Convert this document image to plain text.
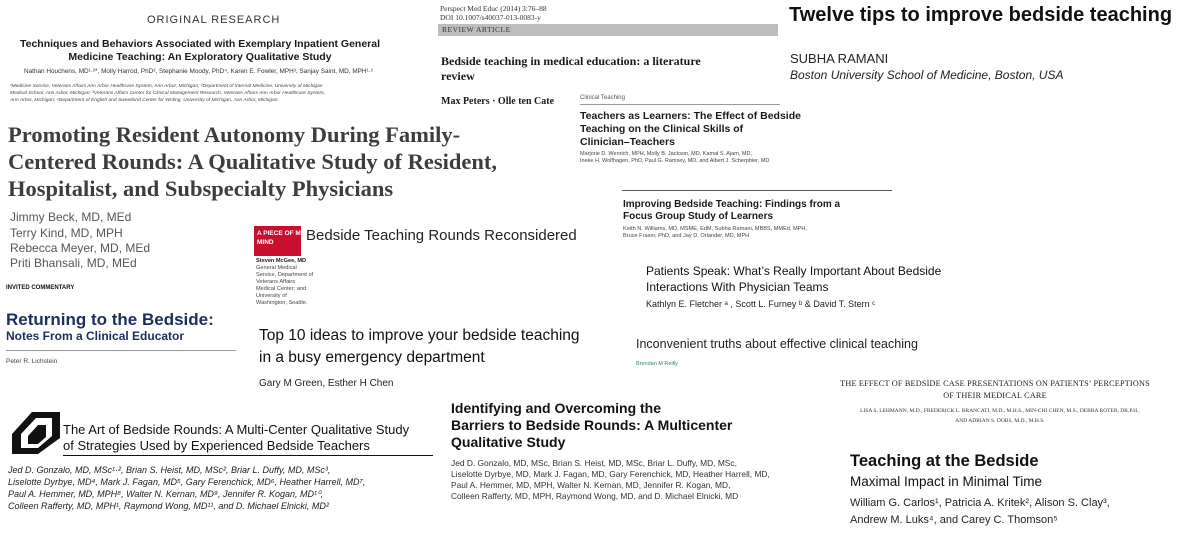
ORIGINAL RESEARCH
Techniques and Behaviors Associated with Exemplary Inpatient General
Medicine Teaching: An Exploratory Qualitative Study
Nathan Houchens, MD¹·²*, Molly Harrod, PhD³, Stephanie Moody, PhD⁴, Karen E. Fowler, MPH³, Sanjay Saint, MD, MPH¹·²
¹Medicine Service, Veterans Affairs Ann Arbor Healthcare System, Ann Arbor, Michigan; ²Department of Internal Medicine, University of Michigan
Medical School, Ann Arbor, Michigan; ³Veterans Affairs Center for Clinical Management Research, Veterans Affairs Ann Arbor Healthcare System,
Ann Arbor, Michigan; ⁴Department of English and Sweetland Center for Writing, University of Michigan, Ann Arbor, Michigan.
Perspect Med Educ (2014) 3:76–88
DOI 10.1007/s40037-013-0083-y
REVIEW ARTICLE
Bedside teaching in medical education: a literature
review
Max Peters · Olle ten Cate
Twelve tips to improve bedside teaching
SUBHA RAMANI
Boston University School of Medicine, Boston, USA
Promoting Resident Autonomy During Family-
Centered Rounds: A Qualitative Study of Resident,
Hospitalist, and Subspecialty Physicians
Jimmy Beck, MD, MEd
Terry Kind, MD, MPH
Rebecca Meyer, MD, MEd
Priti Bhansali, MD, MEd
Clinical Teaching
Teachers as Learners: The Effect of Bedside
Teaching on the Clinical Skills of
Clinician–Teachers
Marjorie D. Wenrich, MPH, Molly B. Jackson, MD, Kamal S. Ajam, MD,
Ineke H. Wolfhagen, PhD, Paul G. Ramsey, MD, and Albert J. Scherpbier, MD
Improving Bedside Teaching: Findings from a
Focus Group Study of Learners
Keith N. Williams, MD, MSME, EdM, Subha Ramani, MBBS, MMEd, MPH,
Bruce Fraser, PhD, and Jay D. Orlander, MD, MPH
A PIECE OF MY
MIND Bedside Teaching Rounds Reconsidered
Steven McGee, MD
General Medical
Service, Department of
Veterans Affairs
Medical Center; and
University of
Washington, Seattle.
Patients Speak: What’s Really Important About Bedside
Interactions With Physician Teams
Kathlyn E. Fletcher ᵃ , Scott L. Furney ᵇ & David T. Stern ᶜ
INVITED COMMENTARY
Returning to the Bedside:
Notes From a Clinical Educator
Peter R. Lichstein
Top 10 ideas to improve your bedside teaching
in a busy emergency department
Gary M Green, Esther H Chen
Inconvenient truths about effective clinical teaching
Brendan M Reilly
THE EFFECT OF BEDSIDE CASE PRESENTATIONS ON PATIENTS’ PERCEPTIONS
OF THEIR MEDICAL CARE
LISA S. LEHMANN, M.D., FREDERICK L. BRANCATI, M.D., M.H.S., MIN-CHI CHEN, M.S., DEBRA ROTER, DR.P.H.,
AND ADRIAN S. DOBS, M.D., M.H.S.
The Art of Bedside Rounds: A Multi-Center Qualitative Study
of Strategies Used by Experienced Bedside Teachers
Jed D. Gonzalo, MD, MSc¹·², Brian S. Heist, MD, MSc², Briar L. Duffy, MD, MSc³,
Liselotte Dyrbye, MD⁴, Mark J. Fagan, MD⁵, Gary Ferenchick, MD⁶, Heather Harrell, MD⁷,
Paul A. Hemmer, MD, MPH⁸, Walter N. Kernan, MD⁹, Jennifer R. Kogan, MD¹⁰,
Colleen Rafferty, MD, MPH¹, Raymond Wong, MD¹¹, and D. Michael Elnicki, MD²
Identifying and Overcoming the
Barriers to Bedside Rounds: A Multicenter
Qualitative Study
Jed D. Gonzalo, MD, MSc, Brian S. Heist, MD, MSc, Briar L. Duffy, MD, MSc,
Liselotte Dyrbye, MD, Mark J. Fagan, MD, Gary Ferenchick, MD, Heather Harrell, MD,
Paul A. Hemmer, MD, MPH, Walter N. Kernan, MD, Jennifer R. Kogan, MD,
Colleen Rafferty, MD, MPH, Raymond Wong, MD, and D. Michael Elnicki, MD
Teaching at the Bedside
Maximal Impact in Minimal Time
William G. Carlos¹, Patricia A. Kritek², Alison S. Clay³,
Andrew M. Luks⁴, and Carey C. Thomson⁵
